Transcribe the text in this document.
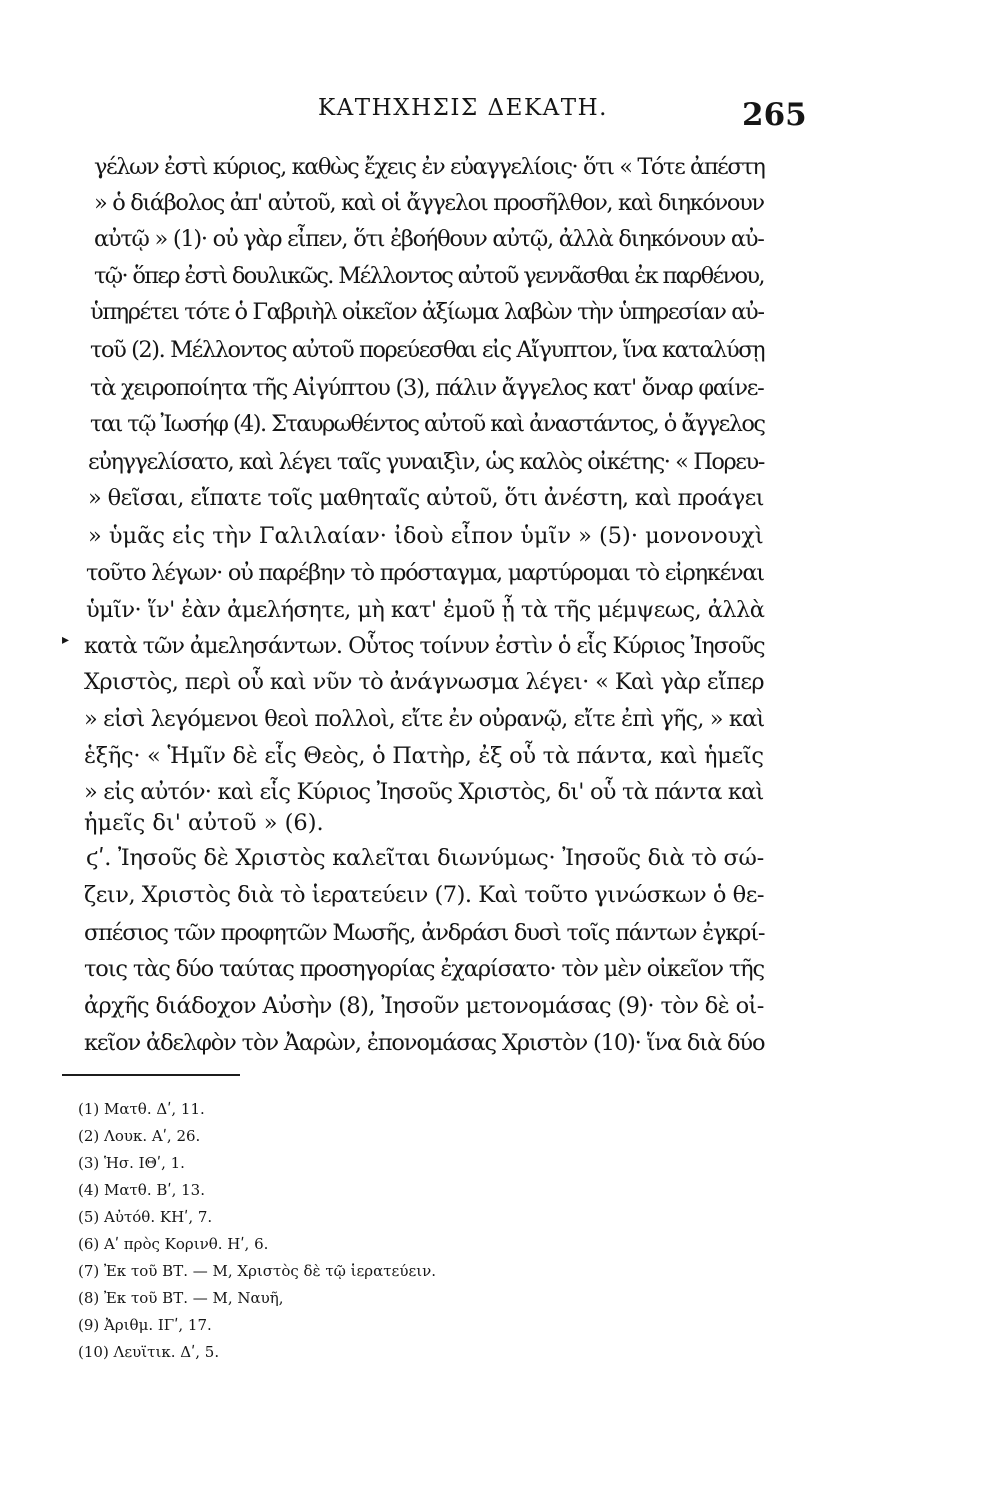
ΚΑΤΗΧΗΣΙΣ ΔΕΚΑΤΗ.	265
γέλων ἐστὶ κύριος, καθὼς ἔχεις ἐν εὐαγγελίοις· ὅτι « Τότε ἀπέστη
» ὁ διάβολος ἀπ' αὐτοῦ, καὶ οἱ ἄγγελοι προσῆλθον, καὶ διηκόνουν
αὐτῷ » (1)· οὐ γὰρ εἶπεν, ὅτι ἐβοήθουν αὐτῷ, ἀλλὰ διηκόνουν αὐ-
τῷ· ὅπερ ἐστὶ δουλικῶς. Μέλλοντος αὐτοῦ γεννᾶσθαι ἐκ παρθένου,
ὑπηρέτει τότε ὁ Γαβριὴλ οἰκεῖον ἀξίωμα λαβὼν τὴν ὑπηρεσίαν αὐ-
τοῦ (2). Μέλλοντος αὐτοῦ πορεύεσθαι εἰς Αἴγυπτον, ἵνα καταλύσῃ
τὰ χειροποίητα τῆς Αἰγύπτου (3), πάλιν ἄγγελος κατ' ὄναρ φαίνε-
ται τῷ Ἰωσήφ (4). Σταυρωθέντος αὐτοῦ καὶ ἀναστάντος, ὁ ἄγγελος
εὐηγγελίσατο, καὶ λέγει ταῖς γυναιξὶν, ὡς καλὸς οἰκέτης· « Πορευ-
» θεῖσαι, εἴπατε τοῖς μαθηταῖς αὐτοῦ, ὅτι ἀνέστη, καὶ προάγει
» ὑμᾶς εἰς τὴν Γαλιλαίαν· ἰδοὺ εἶπον ὑμῖν » (5)· μονονουχὶ
τοῦτο λέγων· οὐ παρέβην τὸ πρόσταγμα, μαρτύρομαι τὸ εἰρηκέναι
ὑμῖν· ἵν' ἐὰν ἀμελήσητε, μὴ κατ' ἐμοῦ ᾖ τὰ τῆς μέμψεως, ἀλλὰ
κατὰ τῶν ἀμελησάντων. Οὗτος τοίνυν ἐστὶν ὁ εἷς Κύριος Ἰησοῦς
Χριστὸς, περὶ οὗ καὶ νῦν τὸ ἀνάγνωσμα λέγει· « Καὶ γὰρ εἴπερ
» εἰσὶ λεγόμενοι θεοὶ πολλοὶ, εἴτε ἐν οὐρανῷ, εἴτε ἐπὶ γῆς, » καὶ
ἑξῆς· « Ἡμῖν δὲ εἷς Θεὸς, ὁ Πατὴρ, ἐξ οὗ τὰ πάντα, καὶ ἡμεῖς
» εἰς αὐτόν· καὶ εἷς Κύριος Ἰησοῦς Χριστὸς, δι' οὗ τὰ πάντα καὶ
ἡμεῖς δι' αὐτοῦ » (6).
ϛʹ. Ἰησοῦς δὲ Χριστὸς καλεῖται διωνύμως· Ἰησοῦς διὰ τὸ σώ-
ζειν, Χριστὸς διὰ τὸ ἱερατεύειν (7). Καὶ τοῦτο γινώσκων ὁ θε-
σπέσιος τῶν προφητῶν Μωσῆς, ἀνδράσι δυσὶ τοῖς πάντων ἐγκρί-
τοις τὰς δύο ταύτας προσηγορίας ἐχαρίσατο· τὸν μὲν οἰκεῖον τῆς
ἀρχῆς διάδοχον Αὐσὴν (8), Ἰησοῦν μετονομάσας (9)· τὸν δὲ οἰ-
κεῖον ἀδελφὸν τὸν Ἀαρὼν, ἐπονομάσας Χριστὸν (10)· ἵνα διὰ δύο
▸
(1) Ματθ. Δʹ, 11.
(2) Λουκ. Αʹ, 26.
(3) Ἡσ. ΙΘʹ, 1.
(4) Ματθ. Βʹ, 13.
(5) Αὐτόθ. ΚΗʹ, 7.
(6) Αʹ πρὸς Κορινθ. Ηʹ, 6.
(7) Ἐκ τοῦ ΒΤ. — Μ, Χριστὸς δὲ τῷ ἱερατεύειν.
(8) Ἐκ τοῦ ΒΤ. — Μ, Ναυῆ,
(9) Ἀριθμ. ΙΓʹ, 17.
(10) Λευϊτικ. Δʹ, 5.
